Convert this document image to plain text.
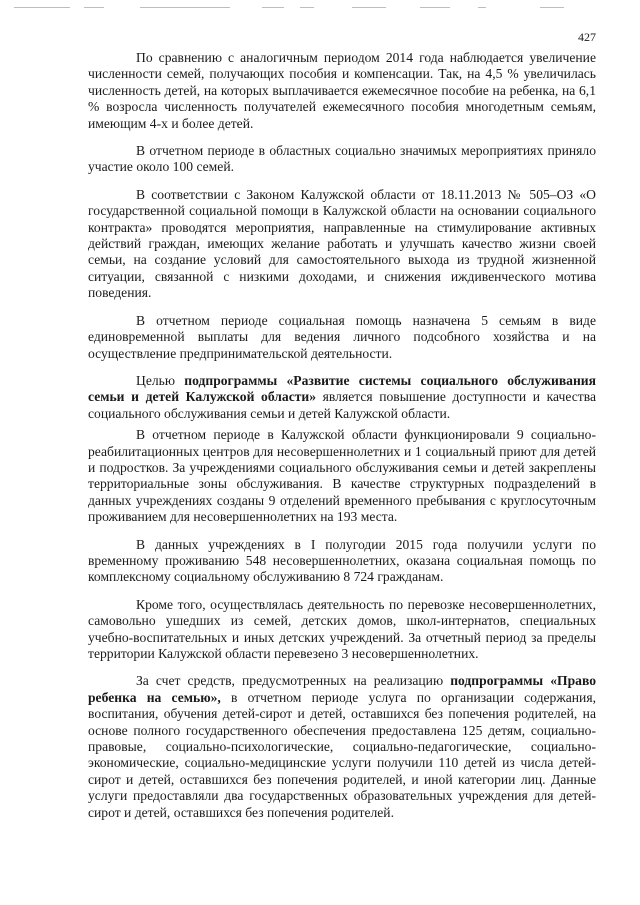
427

По сравнению с аналогичным периодом 2014 года наблюдается увеличение численности семей, получающих пособия и компенсации. Так, на 4,5 % увеличилась численность детей, на которых выплачивается ежемесячное пособие на ребенка, на 6,1 % возросла численность получателей ежемесячного пособия многодетным семьям, имеющим 4-х и более детей.

В отчетном периоде в областных социально значимых мероприятиях приняло участие около 100 семей.

В соответствии с Законом Калужской области от 18.11.2013 № 505–ОЗ «О государственной социальной помощи в Калужской области на основании социального контракта» проводятся мероприятия, направленные на стимулирование активных действий граждан, имеющих желание работать и улучшать качество жизни своей семьи, на создание условий для самостоятельного выхода из трудной жизненной ситуации, связанной с низкими доходами, и снижения иждивенческого мотива поведения.

В отчетном периоде социальная помощь назначена 5 семьям в виде единовременной выплаты для ведения личного подсобного хозяйства и на осуществление предпринимательской деятельности.

Целью подпрограммы «Развитие системы социального обслуживания семьи и детей Калужской области» является повышение доступности и качества социального обслуживания семьи и детей Калужской области.

В отчетном периоде в Калужской области функционировали 9 социально-реабилитационных центров для несовершеннолетних и 1 социальный приют для детей и подростков. За учреждениями социального обслуживания семьи и детей закреплены территориальные зоны обслуживания. В качестве структурных подразделений в данных учреждениях созданы 9 отделений временного пребывания с круглосуточным проживанием для несовершеннолетних на 193 места.

В данных учреждениях в I полугодии 2015 года получили услуги по временному проживанию 548 несовершеннолетних, оказана социальная помощь по комплексному социальному обслуживанию 8 724 гражданам.

Кроме того, осуществлялась деятельность по перевозке несовершеннолетних, самовольно ушедших из семей, детских домов, школ-интернатов, специальных учебно-воспитательных и иных детских учреждений. За отчетный период за пределы территории Калужской области перевезено 3 несовершеннолетних.

За счет средств, предусмотренных на реализацию подпрограммы «Право ребенка на семью», в отчетном периоде услуга по организации содержания, воспитания, обучения детей-сирот и детей, оставшихся без попечения родителей, на основе полного государственного обеспечения предоставлена 125 детям, социально-правовые, социально-психологические, социально-педагогические, социально-экономические, социально-медицинские услуги получили 110 детей из числа детей-сирот и детей, оставшихся без попечения родителей, и иной категории лиц. Данные услуги предоставляли два государственных образовательных учреждения для детей-сирот и детей, оставшихся без попечения родителей.
